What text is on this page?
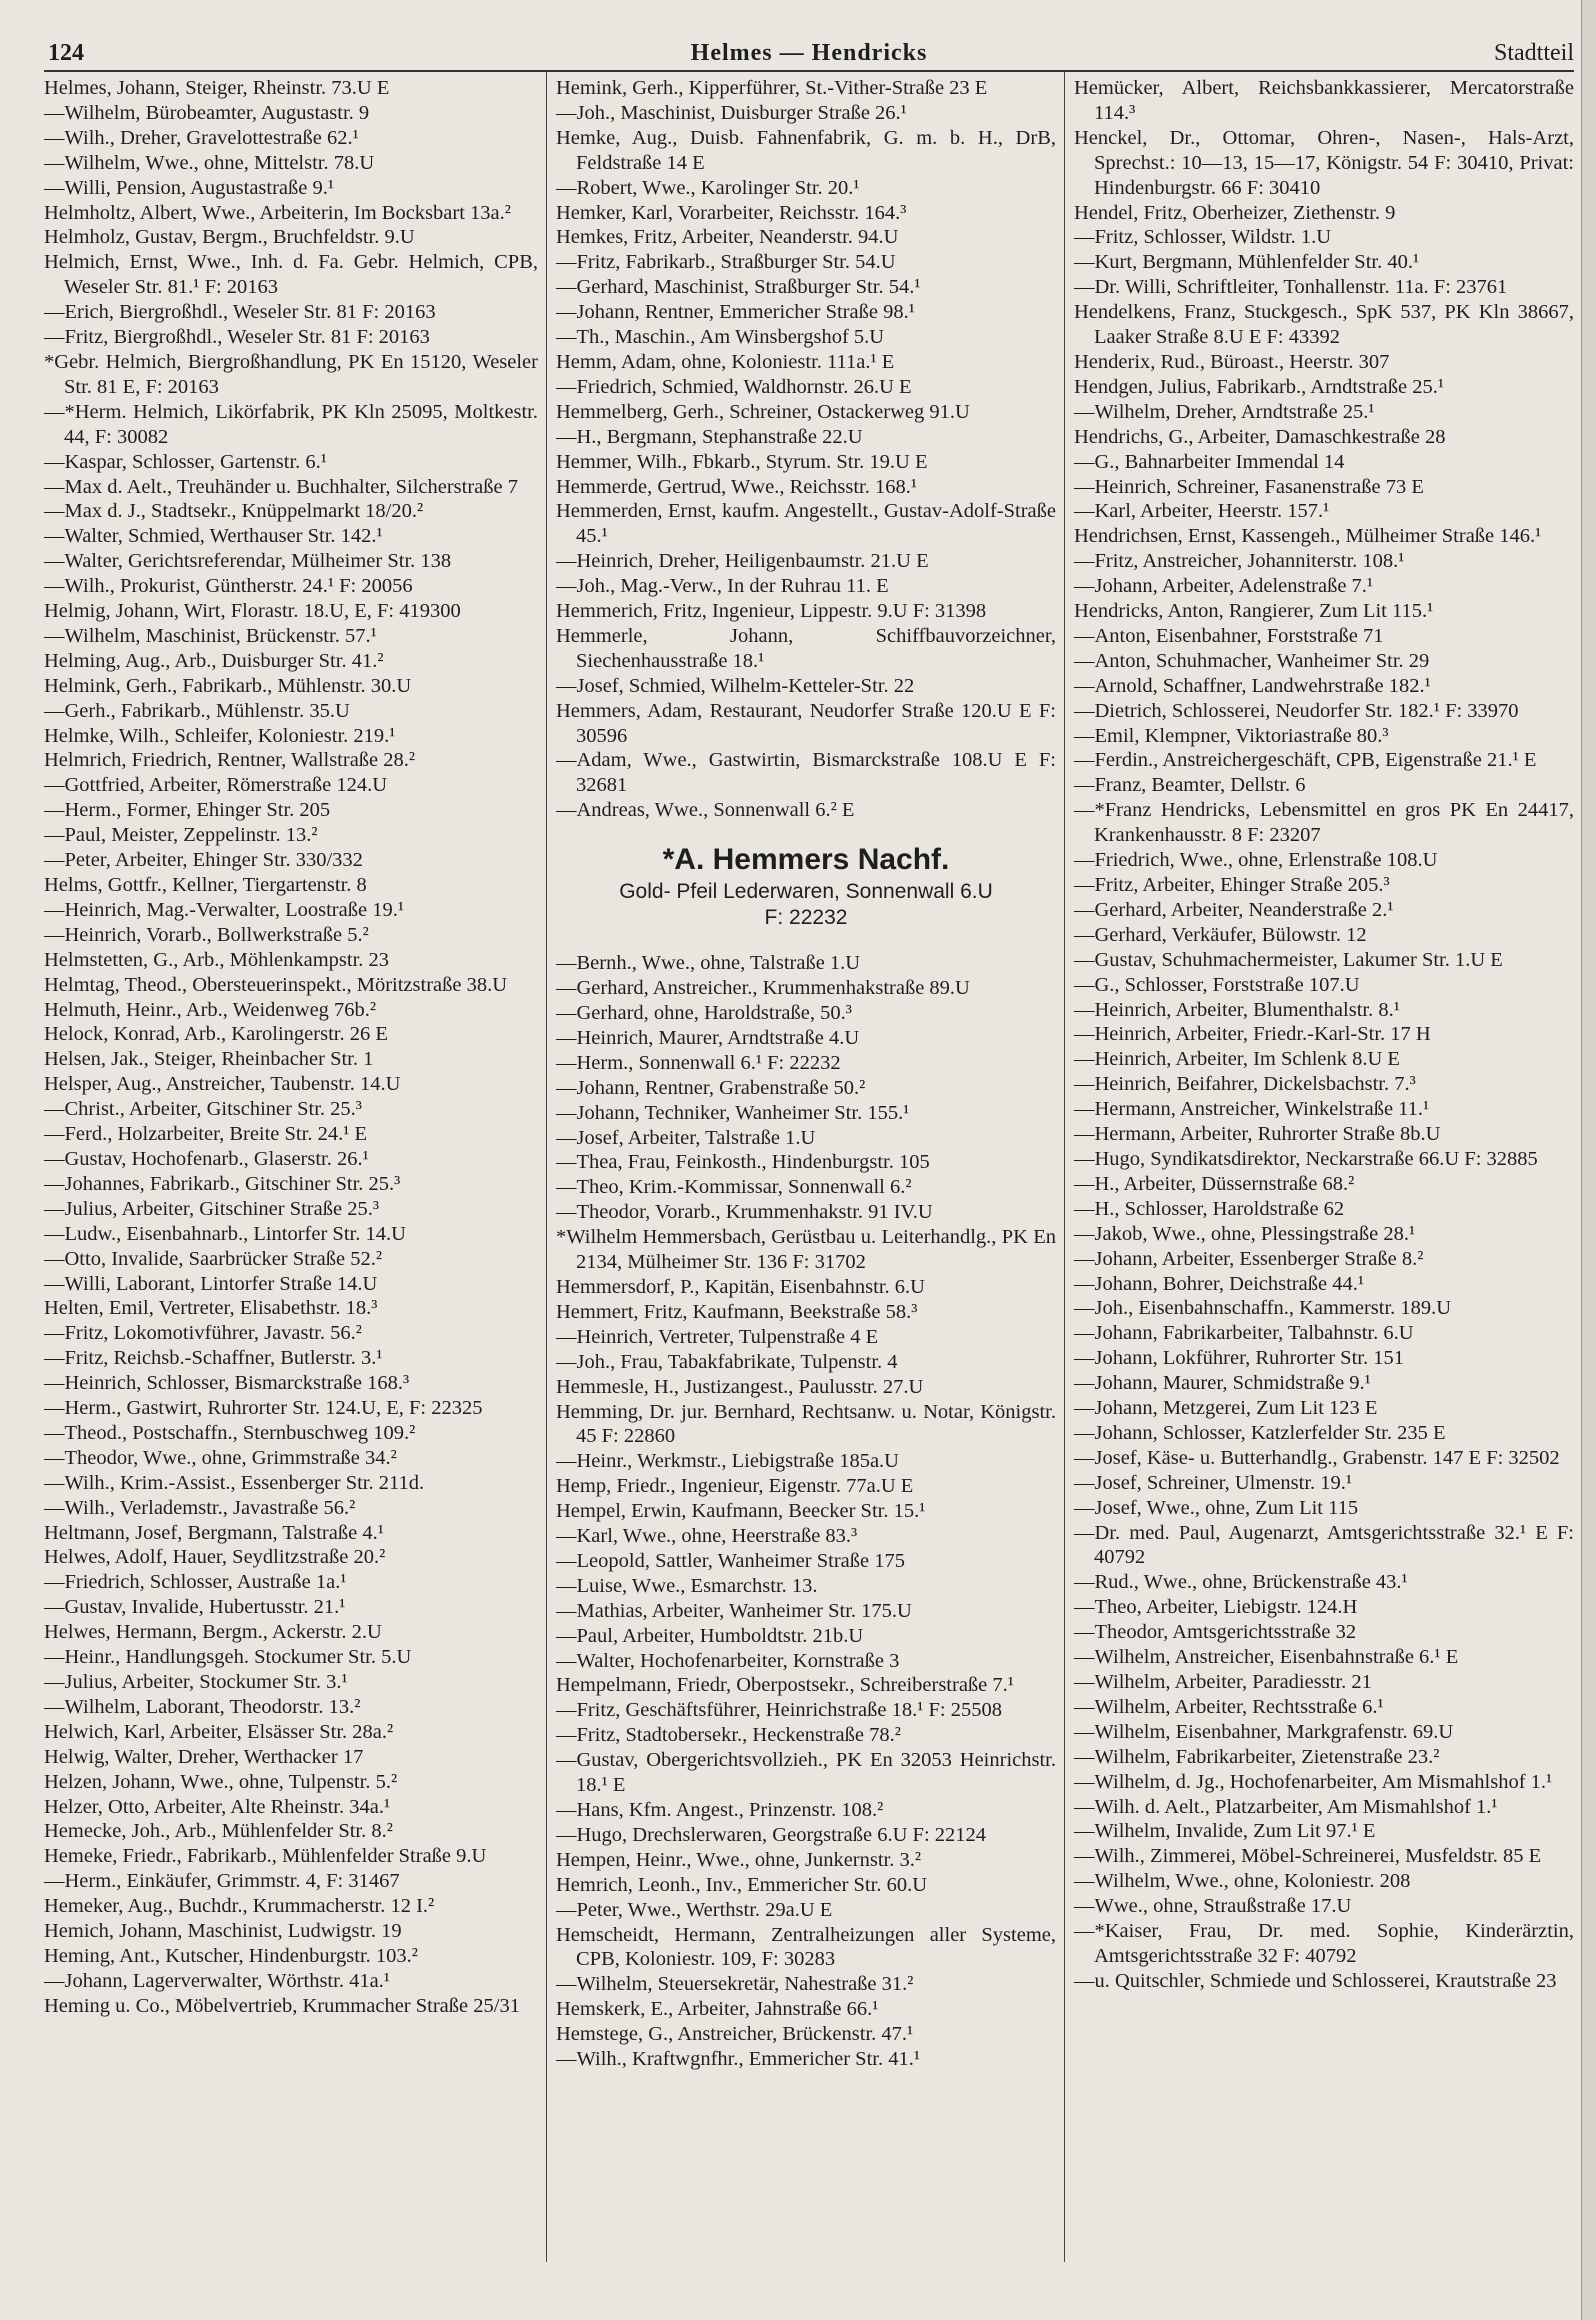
124	Helmes — Hendricks	Stadtteil

Helmes, Johann, Steiger, Rheinstr. 73.U E

—Wilhelm, Bürobeamter, Augustastr. 9

—Wilh., Dreher, Gravelottestraße 62.¹

—Wilhelm, Wwe., ohne, Mittelstr. 78.U

—Willi, Pension, Augustastraße 9.¹

Helmholtz, Albert, Wwe., Arbeiterin, Im Bocksbart 13a.²

Helmholz, Gustav, Bergm., Bruchfeldstr. 9.U

Helmich, Ernst, Wwe., Inh. d. Fa. Gebr. Helmich, CPB, Weseler Str. 81.¹ F: 20163

—Erich, Biergroßhdl., Weseler Str. 81 F: 20163

—Fritz, Biergroßhdl., Weseler Str. 81 F: 20163

*Gebr. Helmich, Biergroßhandlung, PK En 15120, Weseler Str. 81 E, F: 20163

—*Herm. Helmich, Likörfabrik, PK Kln 25095, Moltkestr. 44, F: 30082

—Kaspar, Schlosser, Gartenstr. 6.¹

—Max d. Aelt., Treuhänder u. Buchhalter, Silcherstraße 7

—Max d. J., Stadtsekr., Knüppelmarkt 18/20.²

—Walter, Schmied, Werthauser Str. 142.¹

—Walter, Gerichtsreferendar, Mülheimer Str. 138

—Wilh., Prokurist, Güntherstr. 24.¹ F: 20056

Helmig, Johann, Wirt, Florastr. 18.U, E, F: 419300

—Wilhelm, Maschinist, Brückenstr. 57.¹

Helming, Aug., Arb., Duisburger Str. 41.²

Helmink, Gerh., Fabrikarb., Mühlenstr. 30.U

—Gerh., Fabrikarb., Mühlenstr. 35.U

Helmke, Wilh., Schleifer, Koloniestr. 219.¹

Helmrich, Friedrich, Rentner, Wallstraße 28.²

—Gottfried, Arbeiter, Römerstraße 124.U

—Herm., Former, Ehinger Str. 205

—Paul, Meister, Zeppelinstr. 13.²

—Peter, Arbeiter, Ehinger Str. 330/332

Helms, Gottfr., Kellner, Tiergartenstr. 8

—Heinrich, Mag.-Verwalter, Loostraße 19.¹

—Heinrich, Vorarb., Bollwerkstraße 5.²

Helmstetten, G., Arb., Möhlenkampstr. 23

Helmtag, Theod., Obersteuerinspekt., Möritzstraße 38.U

Helmuth, Heinr., Arb., Weidenweg 76b.²

Helock, Konrad, Arb., Karolingerstr. 26 E

Helsen, Jak., Steiger, Rheinbacher Str. 1

Helsper, Aug., Anstreicher, Taubenstr. 14.U

—Christ., Arbeiter, Gitschiner Str. 25.³

—Ferd., Holzarbeiter, Breite Str. 24.¹ E

—Gustav, Hochofenarb., Glaserstr. 26.¹

—Johannes, Fabrikarb., Gitschiner Str. 25.³

—Julius, Arbeiter, Gitschiner Straße 25.³

—Ludw., Eisenbahnarb., Lintorfer Str. 14.U

—Otto, Invalide, Saarbrücker Straße 52.²

—Willi, Laborant, Lintorfer Straße 14.U

Helten, Emil, Vertreter, Elisabethstr. 18.³

—Fritz, Lokomotivführer, Javastr. 56.²

—Fritz, Reichsb.-Schaffner, Butlerstr. 3.¹

—Heinrich, Schlosser, Bismarckstraße 168.³

—Herm., Gastwirt, Ruhrorter Str. 124.U, E, F: 22325

—Theod., Postschaffn., Sternbuschweg 109.²

—Theodor, Wwe., ohne, Grimmstraße 34.²

—Wilh., Krim.-Assist., Essenberger Str. 211d.

—Wilh., Verlademstr., Javastraße 56.²

Heltmann, Josef, Bergmann, Talstraße 4.¹

Helwes, Adolf, Hauer, Seydlitzstraße 20.²

—Friedrich, Schlosser, Austraße 1a.¹

—Gustav, Invalide, Hubertusstr. 21.¹

Helwes, Hermann, Bergm., Ackerstr. 2.U

—Heinr., Handlungsgeh. Stockumer Str. 5.U

—Julius, Arbeiter, Stockumer Str. 3.¹

—Wilhelm, Laborant, Theodorstr. 13.²

Helwich, Karl, Arbeiter, Elsässer Str. 28a.²

Helwig, Walter, Dreher, Werthacker 17

Helzen, Johann, Wwe., ohne, Tulpenstr. 5.²

Helzer, Otto, Arbeiter, Alte Rheinstr. 34a.¹

Hemecke, Joh., Arb., Mühlenfelder Str. 8.²

Hemeke, Friedr., Fabrikarb., Mühlenfelder Straße 9.U

—Herm., Einkäufer, Grimmstr. 4, F: 31467

Hemeker, Aug., Buchdr., Krummacherstr. 12 I.²

Hemich, Johann, Maschinist, Ludwigstr. 19

Heming, Ant., Kutscher, Hindenburgstr. 103.²

—Johann, Lagerverwalter, Wörthstr. 41a.¹

Heming u. Co., Möbelvertrieb, Krummacher Straße 25/31

Hemink, Gerh., Kipperführer, St.-Vither-Straße 23 E

—Joh., Maschinist, Duisburger Straße 26.¹

Hemke, Aug., Duisb. Fahnenfabrik, G. m. b. H., DrB, Feldstraße 14 E

—Robert, Wwe., Karolinger Str. 20.¹

Hemker, Karl, Vorarbeiter, Reichsstr. 164.³

Hemkes, Fritz, Arbeiter, Neanderstr. 94.U

—Fritz, Fabrikarb., Straßburger Str. 54.U

—Gerhard, Maschinist, Straßburger Str. 54.¹

—Johann, Rentner, Emmericher Straße 98.¹

—Th., Maschin., Am Winsbergshof 5.U

Hemm, Adam, ohne, Koloniestr. 111a.¹ E

—Friedrich, Schmied, Waldhornstr. 26.U E

Hemmelberg, Gerh., Schreiner, Ostackerweg 91.U

—H., Bergmann, Stephanstraße 22.U

Hemmer, Wilh., Fbkarb., Styrum. Str. 19.U E

Hemmerde, Gertrud, Wwe., Reichsstr. 168.¹

Hemmerden, Ernst, kaufm. Angestellt., Gustav-Adolf-Straße 45.¹

—Heinrich, Dreher, Heiligenbaumstr. 21.U E

—Joh., Mag.-Verw., In der Ruhrau 11. E

Hemmerich, Fritz, Ingenieur, Lippestr. 9.U F: 31398

Hemmerle, Johann, Schiffbauvorzeichner, Siechenhausstraße 18.¹

—Josef, Schmied, Wilhelm-Ketteler-Str. 22

Hemmers, Adam, Restaurant, Neudorfer Straße 120.U E F: 30596

—Adam, Wwe., Gastwirtin, Bismarckstraße 108.U E F: 32681

—Andreas, Wwe., Sonnenwall 6.² E

*A. Hemmers Nachf.
Gold- Pfeil Lederwaren, Sonnenwall 6.U
F: 22232

—Bernh., Wwe., ohne, Talstraße 1.U

—Gerhard, Anstreicher., Krummenhakstraße 89.U

—Gerhard, ohne, Haroldstraße, 50.³

—Heinrich, Maurer, Arndtstraße 4.U

—Herm., Sonnenwall 6.¹ F: 22232

—Johann, Rentner, Grabenstraße 50.²

—Johann, Techniker, Wanheimer Str. 155.¹

—Josef, Arbeiter, Talstraße 1.U

—Thea, Frau, Feinkosth., Hindenburgstr. 105

—Theo, Krim.-Kommissar, Sonnenwall 6.²

—Theodor, Vorarb., Krummenhakstr. 91 IV.U

*Wilhelm Hemmersbach, Gerüstbau u. Leiterhandlg., PK En 2134, Mülheimer Str. 136 F: 31702

Hemmersdorf, P., Kapitän, Eisenbahnstr. 6.U

Hemmert, Fritz, Kaufmann, Beekstraße 58.³

—Heinrich, Vertreter, Tulpenstraße 4 E

—Joh., Frau, Tabakfabrikate, Tulpenstr. 4

Hemmesle, H., Justizangest., Paulusstr. 27.U

Hemming, Dr. jur. Bernhard, Rechtsanw. u. Notar, Königstr. 45 F: 22860

—Heinr., Werkmstr., Liebigstraße 185a.U

Hemp, Friedr., Ingenieur, Eigenstr. 77a.U E

Hempel, Erwin, Kaufmann, Beecker Str. 15.¹

—Karl, Wwe., ohne, Heerstraße 83.³

—Leopold, Sattler, Wanheimer Straße 175

—Luise, Wwe., Esmarchstr. 13.

—Mathias, Arbeiter, Wanheimer Str. 175.U

—Paul, Arbeiter, Humboldtstr. 21b.U

—Walter, Hochofenarbeiter, Kornstraße 3

Hempelmann, Friedr, Oberpostsekr., Schreiberstraße 7.¹

—Fritz, Geschäftsführer, Heinrichstraße 18.¹ F: 25508

—Fritz, Stadtobersekr., Heckenstraße 78.²

—Gustav, Obergerichtsvollzieh., PK En 32053 Heinrichstr. 18.¹ E

—Hans, Kfm. Angest., Prinzenstr. 108.²

—Hugo, Drechslerwaren, Georgstraße 6.U F: 22124

Hempen, Heinr., Wwe., ohne, Junkernstr. 3.²

Hemrich, Leonh., Inv., Emmericher Str. 60.U

—Peter, Wwe., Werthstr. 29a.U E

Hemscheidt, Hermann, Zentralheizungen aller Systeme, CPB, Koloniestr. 109, F: 30283

—Wilhelm, Steuersekretär, Nahestraße 31.²

Hemskerk, E., Arbeiter, Jahnstraße 66.¹

Hemstege, G., Anstreicher, Brückenstr. 47.¹

—Wilh., Kraftwgnfhr., Emmericher Str. 41.¹

Hemücker, Albert, Reichsbankkassierer, Mercatorstraße 114.³

Henckel, Dr., Ottomar, Ohren-, Nasen-, Hals-Arzt, Sprechst.: 10—13, 15—17, Königstr. 54 F: 30410, Privat: Hindenburgstr. 66 F: 30410

Hendel, Fritz, Oberheizer, Ziethenstr. 9

—Fritz, Schlosser, Wildstr. 1.U

—Kurt, Bergmann, Mühlenfelder Str. 40.¹

—Dr. Willi, Schriftleiter, Tonhallenstr. 11a. F: 23761

Hendelkens, Franz, Stuckgesch., SpK 537, PK Kln 38667, Laaker Straße 8.U E F: 43392

Henderix, Rud., Büroast., Heerstr. 307

Hendgen, Julius, Fabrikarb., Arndtstraße 25.¹

—Wilhelm, Dreher, Arndtstraße 25.¹

Hendrichs, G., Arbeiter, Damaschkestraße 28

—G., Bahnarbeiter Immendal 14

—Heinrich, Schreiner, Fasanenstraße 73 E

—Karl, Arbeiter, Heerstr. 157.¹

Hendrichsen, Ernst, Kassengeh., Mülheimer Straße 146.¹

—Fritz, Anstreicher, Johanniterstr. 108.¹

—Johann, Arbeiter, Adelenstraße 7.¹

Hendricks, Anton, Rangierer, Zum Lit 115.¹

—Anton, Eisenbahner, Forststraße 71

—Anton, Schuhmacher, Wanheimer Str. 29

—Arnold, Schaffner, Landwehrstraße 182.¹

—Dietrich, Schlosserei, Neudorfer Str. 182.¹ F: 33970

—Emil, Klempner, Viktoriastraße 80.³

—Ferdin., Anstreichergeschäft, CPB, Eigenstraße 21.¹ E

—Franz, Beamter, Dellstr. 6

—*Franz Hendricks, Lebensmittel en gros PK En 24417, Krankenhausstr. 8 F: 23207

—Friedrich, Wwe., ohne, Erlenstraße 108.U

—Fritz, Arbeiter, Ehinger Straße 205.³

—Gerhard, Arbeiter, Neanderstraße 2.¹

—Gerhard, Verkäufer, Bülowstr. 12

—Gustav, Schuhmachermeister, Lakumer Str. 1.U E

—G., Schlosser, Forststraße 107.U

—Heinrich, Arbeiter, Blumenthalstr. 8.¹

—Heinrich, Arbeiter, Friedr.-Karl-Str. 17 H

—Heinrich, Arbeiter, Im Schlenk 8.U E

—Heinrich, Beifahrer, Dickelsbachstr. 7.³

—Hermann, Anstreicher, Winkelstraße 11.¹

—Hermann, Arbeiter, Ruhrorter Straße 8b.U

—Hugo, Syndikatsdirektor, Neckarstraße 66.U F: 32885

—H., Arbeiter, Düssernstraße 68.²

—H., Schlosser, Haroldstraße 62

—Jakob, Wwe., ohne, Plessingstraße 28.¹

—Johann, Arbeiter, Essenberger Straße 8.²

—Johann, Bohrer, Deichstraße 44.¹

—Joh., Eisenbahnschaffn., Kammerstr. 189.U

—Johann, Fabrikarbeiter, Talbahnstr. 6.U

—Johann, Lokführer, Ruhrorter Str. 151

—Johann, Maurer, Schmidstraße 9.¹

—Johann, Metzgerei, Zum Lit 123 E

—Johann, Schlosser, Katzlerfelder Str. 235 E

—Josef, Käse- u. Butterhandlg., Grabenstr. 147 E F: 32502

—Josef, Schreiner, Ulmenstr. 19.¹

—Josef, Wwe., ohne, Zum Lit 115

—Dr. med. Paul, Augenarzt, Amtsgerichtsstraße 32.¹ E F: 40792

—Rud., Wwe., ohne, Brückenstraße 43.¹

—Theo, Arbeiter, Liebigstr. 124.H

—Theodor, Amtsgerichtsstraße 32

—Wilhelm, Anstreicher, Eisenbahnstraße 6.¹ E

—Wilhelm, Arbeiter, Paradiesstr. 21

—Wilhelm, Arbeiter, Rechtsstraße 6.¹

—Wilhelm, Eisenbahner, Markgrafenstr. 69.U

—Wilhelm, Fabrikarbeiter, Zietenstraße 23.²

—Wilhelm, d. Jg., Hochofenarbeiter, Am Mismahlshof 1.¹

—Wilh. d. Aelt., Platzarbeiter, Am Mismahlshof 1.¹

—Wilhelm, Invalide, Zum Lit 97.¹ E

—Wilh., Zimmerei, Möbel-Schreinerei, Musfeldstr. 85 E

—Wilhelm, Wwe., ohne, Koloniestr. 208

—Wwe., ohne, Straußstraße 17.U

—*Kaiser, Frau, Dr. med. Sophie, Kinderärztin, Amtsgerichtsstraße 32 F: 40792

—u. Quitschler, Schmiede und Schlosserei, Krautstraße 23
